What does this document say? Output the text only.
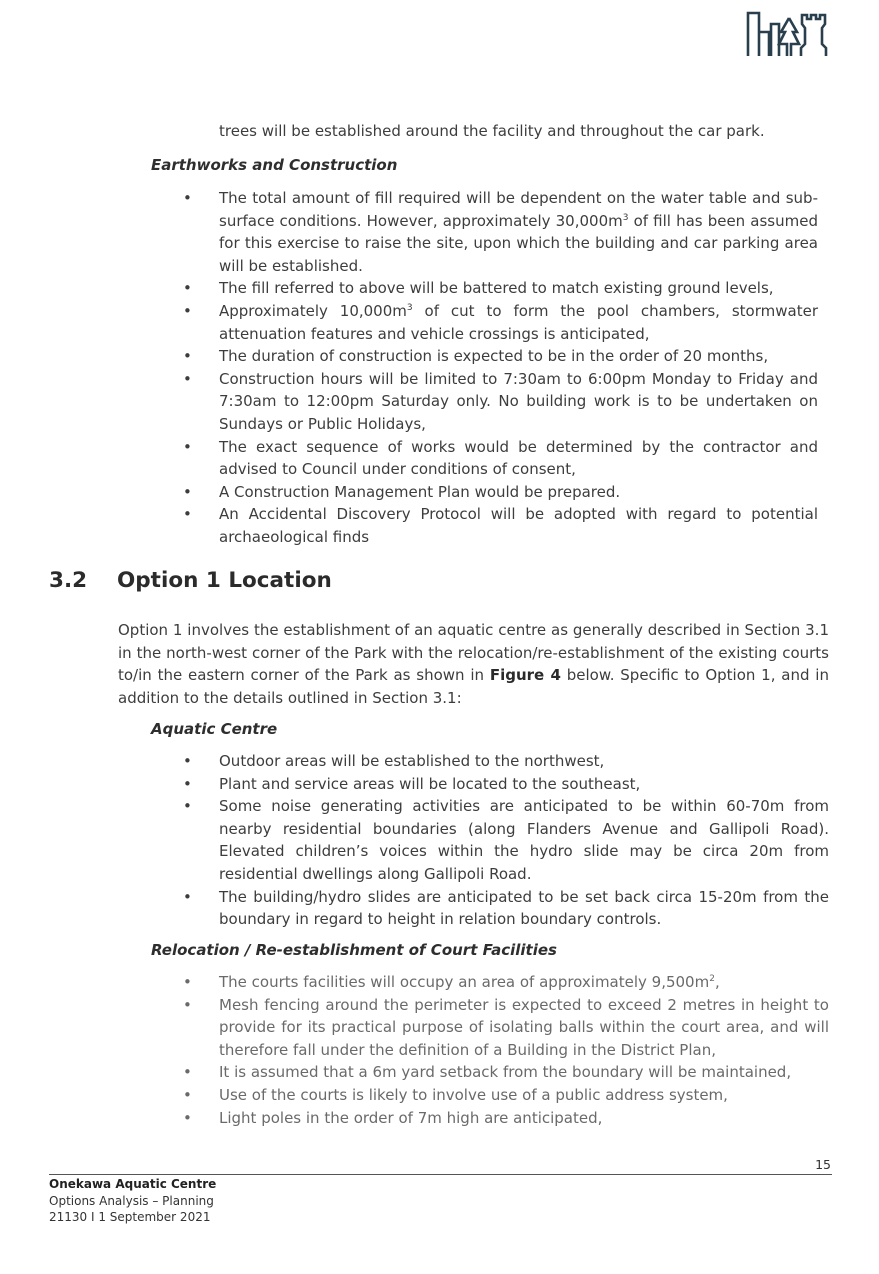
trees will be established around the facility and throughout the car park.

Earthworks and Construction

•	The total amount of fill required will be dependent on the water table and sub-surface conditions. However, approximately $30,000m^3$ of fill has been assumed for this exercise to raise the site, upon which the building and car parking area will be established.
•	The fill referred to above will be battered to match existing ground levels,
•	Approximately $10,000m^3$ of cut to form the pool chambers, stormwater attenuation features and vehicle crossings is anticipated,
•	The duration of construction is expected to be in the order of 20 months,
•	Construction hours will be limited to 7:30am to 6:00pm Monday to Friday and 7:30am to 12:00pm Saturday only. No building work is to be undertaken on Sundays or Public Holidays,
•	The exact sequence of works would be determined by the contractor and advised to Council under conditions of consent,
•	A Construction Management Plan would be prepared.
•	An Accidental Discovery Protocol will be adopted with regard to potential archaeological finds
3.2 Option 1 Location

Option 1 involves the establishment of an aquatic centre as generally described in Section 3.1 in the north-west corner of the Park with the relocation/re-establishment of the existing courts to/in the eastern corner of the Park as shown in Figure 4 below. Specific to Option 1, and in addition to the details outlined in Section 3.1:

Aquatic Centre

•	Outdoor areas will be established to the northwest,
•	Plant and service areas will be located to the southeast,
•	Some noise generating activities are anticipated to be within 60-70m from nearby residential boundaries (along Flanders Avenue and Gallipoli Road). Elevated children’s voices within the hydro slide may be circa 20m from residential dwellings along Gallipoli Road.
•	The building/hydro slides are anticipated to be set back circa 15-20m from the boundary in regard to height in relation boundary controls.

Relocation / Re-establishment of Court Facilities

•	The courts facilities will occupy an area of approximately $9,500m^2$,
•	Mesh fencing around the perimeter is expected to exceed 2 metres in height to provide for its practical purpose of isolating balls within the court area, and will therefore fall under the definition of a Building in the District Plan,
•	It is assumed that a 6m yard setback from the boundary will be maintained,
•	Use of the courts is likely to involve use of a public address system,
•	Light poles in the order of 7m high are anticipated,
15
Onekawa Aquatic Centre
Options Analysis – Planning
21130 I 1 September 2021
